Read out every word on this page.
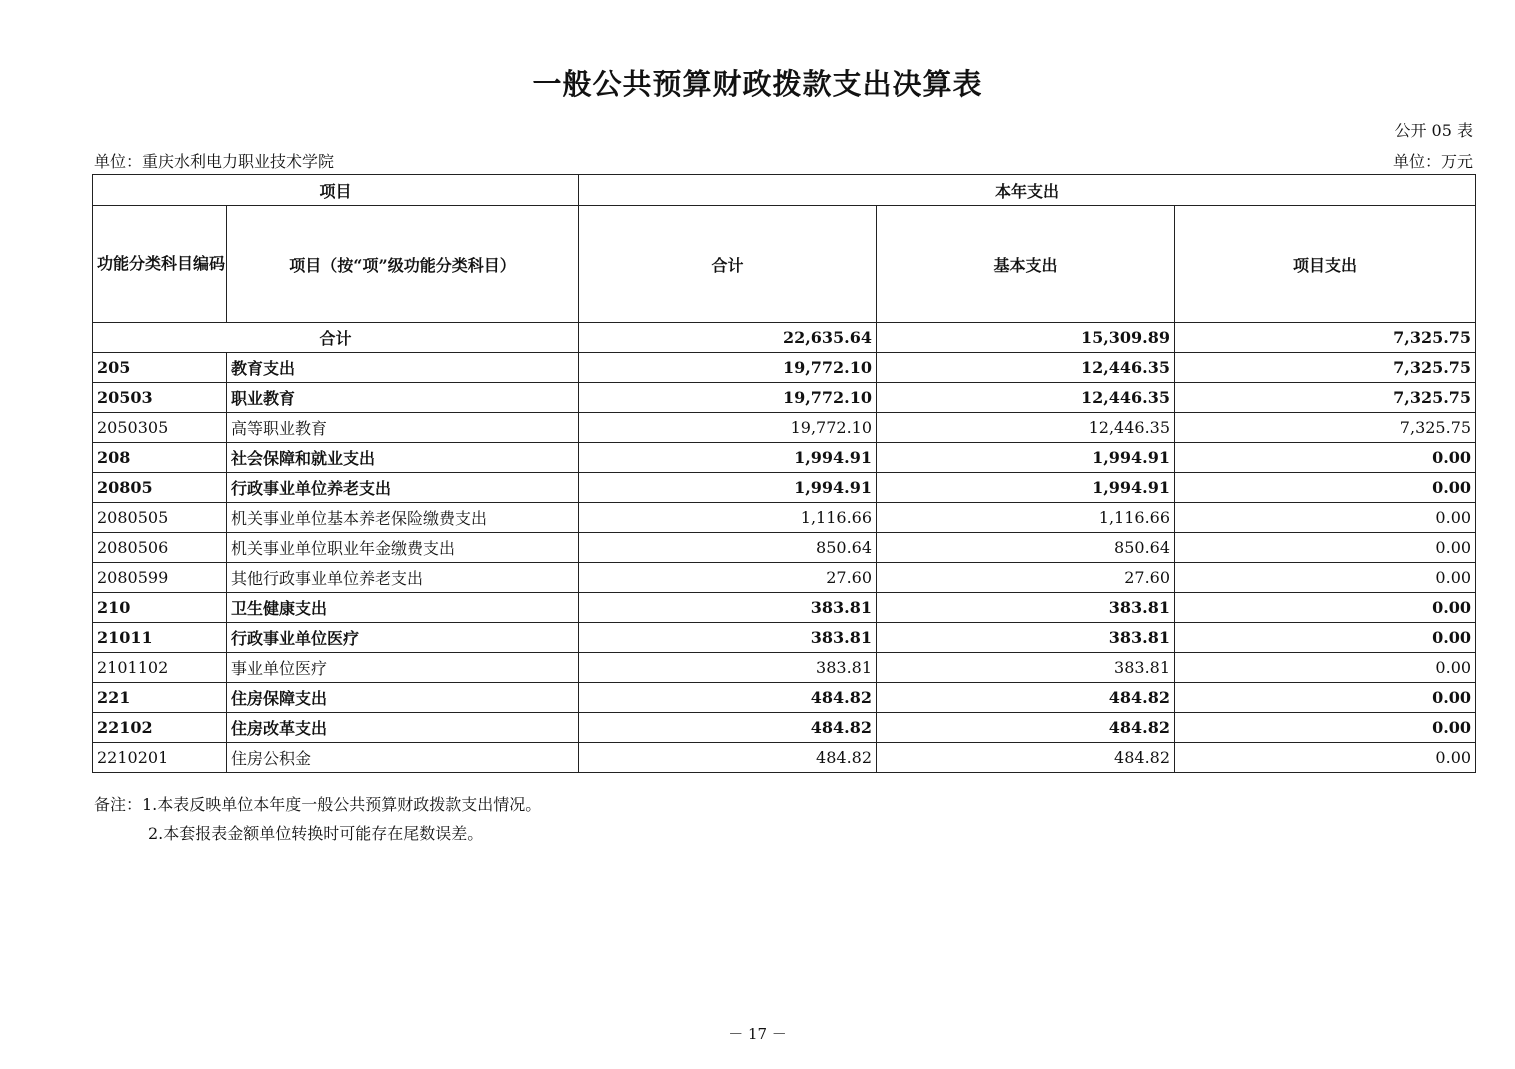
一般公共预算财政拨款支出决算表
公开 05 表
单位：重庆水利电力职业技术学院	单位：万元
项目		本年支出		
功能分类科目编码	项目（按“项”级功能分类科目）	合计	基本支出	项目支出
合计		22,635.64	15,309.89	7,325.75
205	教育支出	19,772.10	12,446.35	7,325.75
20503	职业教育	19,772.10	12,446.35	7,325.75
2050305	高等职业教育	19,772.10	12,446.35	7,325.75
208	社会保障和就业支出	1,994.91	1,994.91	0.00
20805	行政事业单位养老支出	1,994.91	1,994.91	0.00
2080505	机关事业单位基本养老保险缴费支出	1,116.66	1,116.66	0.00
2080506	机关事业单位职业年金缴费支出	850.64	850.64	0.00
2080599	其他行政事业单位养老支出	27.60	27.60	0.00
210	卫生健康支出	383.81	383.81	0.00
21011	行政事业单位医疗	383.81	383.81	0.00
2101102	事业单位医疗	383.81	383.81	0.00
221	住房保障支出	484.82	484.82	0.00
22102	住房改革支出	484.82	484.82	0.00
2210201	住房公积金	484.82	484.82	0.00
备注：1.本表反映单位本年度一般公共预算财政拨款支出情况。
2.本套报表金额单位转换时可能存在尾数误差。
－ 17 －
